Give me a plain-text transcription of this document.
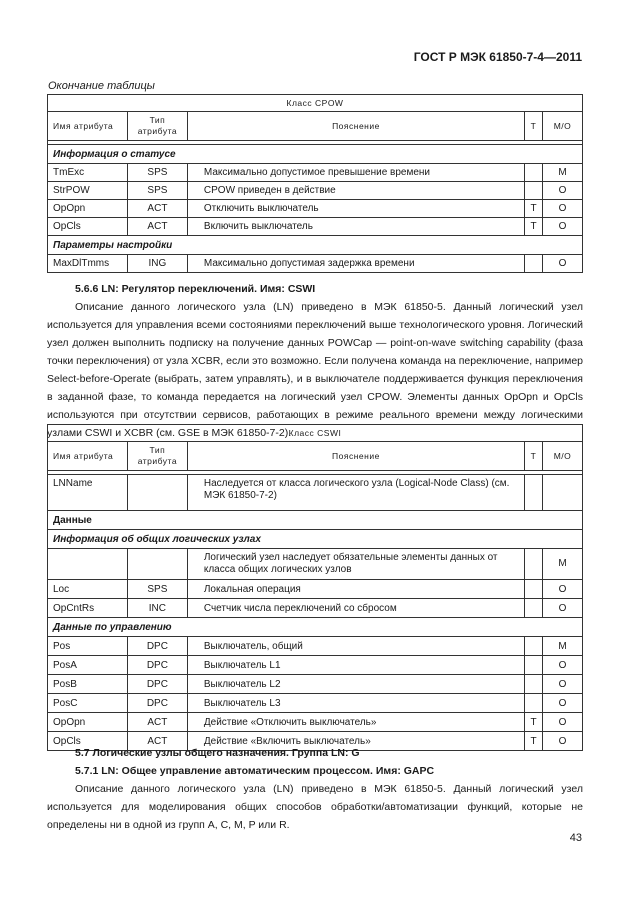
ГОСТ Р МЭК 61850-7-4—2011
Окончание таблицы
Класс CPOW				
Имя атрибута	Тип атрибута	Пояснение	T	M/O

Информация о статусе				
TmExc	SPS	Максимально допустимое превышение времени		M
StrPOW	SPS	CPOW приведен в действие		O
OpOpn	ACT	Отключить выключатель	T	O
OpCls	ACT	Включить выключатель	T	O
Параметры настройки				
MaxDlTmms	ING	Максимально допустимая задержка времени		O
5.6.6 LN: Регулятор переключений. Имя: CSWI

Описание данного логического узла (LN) приведено в МЭК 61850-5. Данный логический узел используется для управления всеми состояниями переключений выше технологического уровня. Логический узел должен выполнить подписку на получение данных POWCap — point-on-wave switching capability (фаза точки переключения) от узла XCBR, если это возможно. Если получена команда на переключение, например Select-before-Operate (выбрать, затем управлять), и в выключателе поддерживается функция переключения в заданной фазе, то команда передается на логический узел CPOW. Элементы данных OpOpn и OpCls используются при отсутствии сервисов, работающих в режиме реального времени между логическими узлами CSWI и XCBR (см. GSE в МЭК 61850-7-2).

Класс CSWI				
Имя атрибута	Тип атрибута	Пояснение	T	M/O

LNName		Наследуется от класса логического узла (Logical-Node Class) (см. МЭК 61850-7-2)		
Данные				
Информация об общих логических узлах				
		Логический узел наследует обязательные элементы данных от класса общих логических узлов		M
Loc	SPS	Локальная операция		O
OpCntRs	INC	Счетчик числа переключений со сбросом		O
Данные по управлению				
Pos	DPC	Выключатель, общий		M
PosA	DPC	Выключатель L1		O
PosB	DPC	Выключатель L2		O
PosC	DPC	Выключатель L3		O
OpOpn	ACT	Действие «Отключить выключатель»	T	O
OpCls	ACT	Действие «Включить выключатель»	T	O
5.7 Логические узлы общего назначения. Группа LN: G
5.7.1 LN: Общее управление автоматическим процессом. Имя: GAPC

Описание данного логического узла (LN) приведено в МЭК 61850-5. Данный логический узел используется для моделирования общих способов обработки/автоматизации функций, которые не определены ни в одной из групп A, C, M, P или R.

43
